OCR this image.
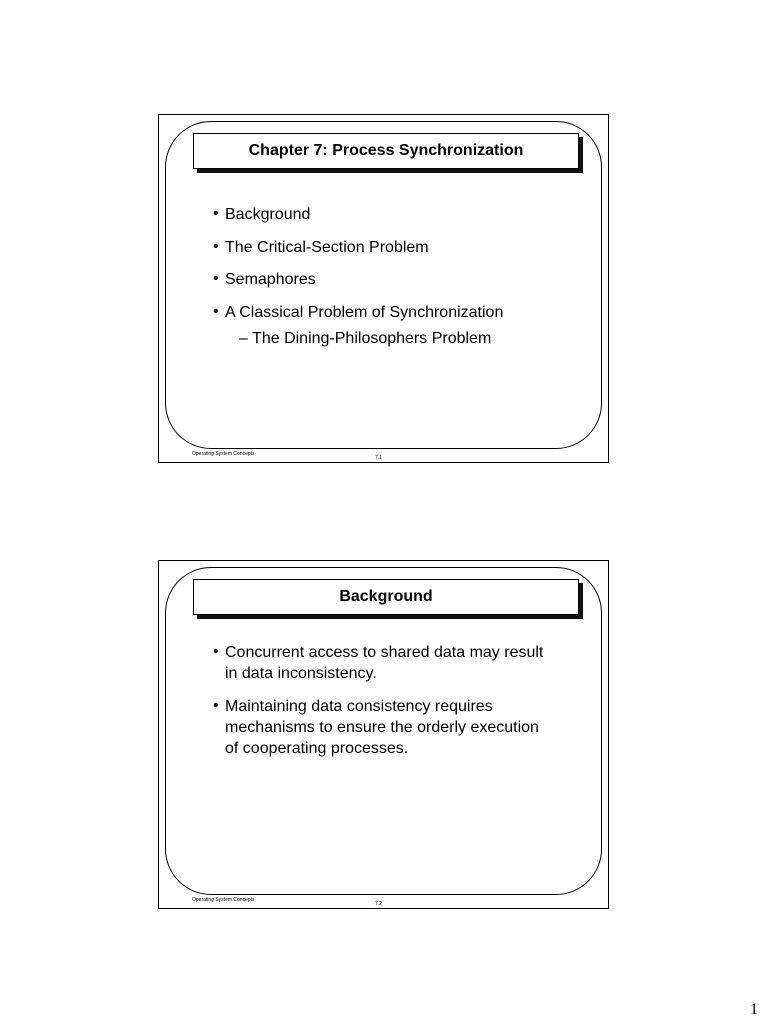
Chapter 7: Process Synchronization
• Background
• The Critical-Section Problem
• Semaphores
• A Classical Problem of Synchronization
– The Dining-Philosophers Problem
Operating System Concepts
7.1
Background
• Concurrent access to shared data may result in data inconsistency.
• Maintaining data consistency requires mechanisms to ensure the orderly execution of cooperating processes.
Operating System Concepts
7.2
1
